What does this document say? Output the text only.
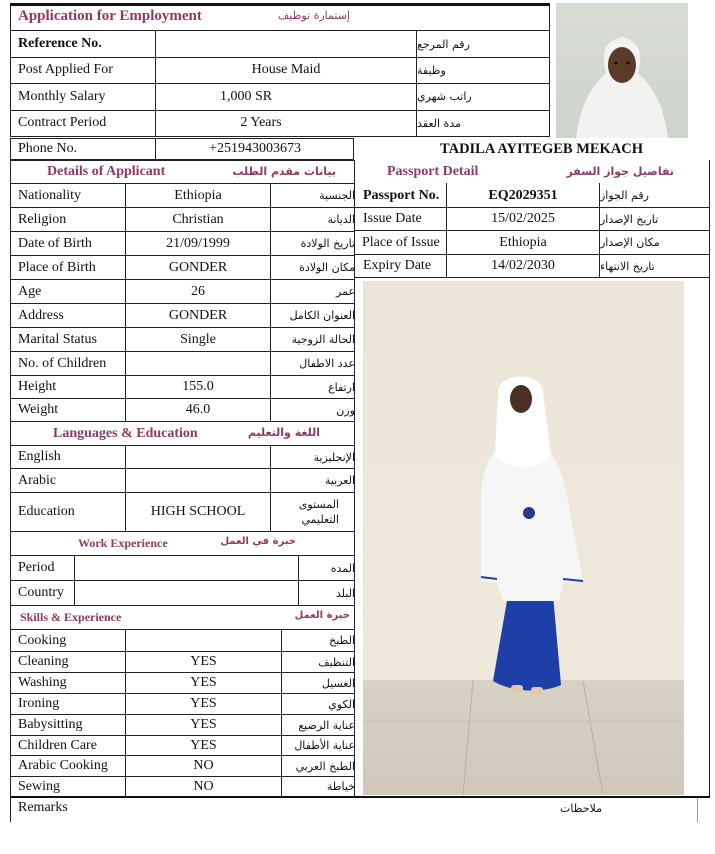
Application for Employment	إستمارة توظيف
Reference No.	رقم المرجع
Post Applied For	House Maid	وظيفة
Monthly Salary	1,000 SR	راتب شهري
Contract Period	2 Years	مدة العقد
Phone No.	+251943003673	TADILA AYITEGEB MEKACH
Details of Applicant	بيانات مقدم الطلب
Nationality	Ethiopia	الجنسية
Religion	Christian	الديانة
Date of Birth	21/09/1999	تاريخ الولادة
Place of Birth	GONDER	مكان الولادة
Age	26	عمر
Address	GONDER	العنوان الكامل
Marital Status	Single	الحالة الزوجية
No. of Children	عدد الاطفال
Height	155.0	ارتفاع
Weight	46.0	وزن
Languages & Education	اللغة والتعليم
English	الإنجليزية
Arabic	العربية
Education	HIGH SCHOOL	المستوى التعليمي
Work Experience	خبرة في العمل
Period	المده
Country	البلد
Skills & Experience	خبرة العمل
Cooking	الطبخ
Cleaning	YES	التنظيف
Washing	YES	الغسيل
Ironing	YES	الكوي
Babysitting	YES	عناية الرضيع
Children Care	YES	عناية الأطفال
Arabic Cooking	NO	الطبخ العربي
Sewing	NO	خياطة
Passport Detail	تفاصيل جواز السفر
Passport No.	EQ2029351	رقم الجواز
Issue Date	15/02/2025	تاريخ الإصدار
Place of Issue	Ethiopia	مكان الإصدار
Expiry Date	14/02/2030	تاريخ الانتهاء
Remarks	ملاحظات
